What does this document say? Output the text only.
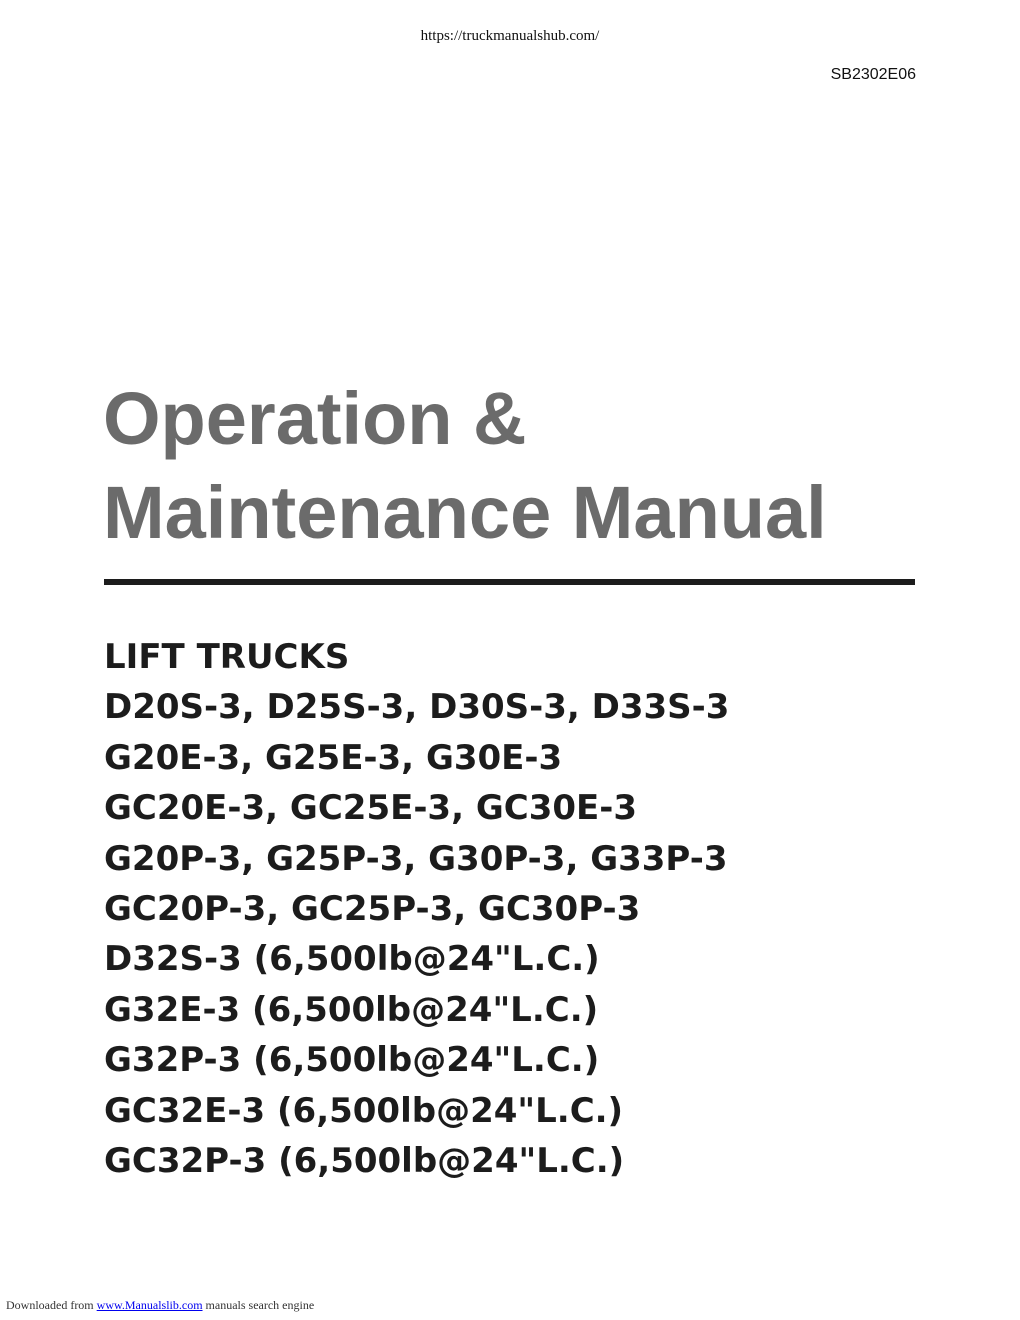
https://truckmanualshub.com/
SB2302E06
Operation &
Maintenance Manual
LIFT TRUCKS
D20S-3, D25S-3, D30S-3, D33S-3
G20E-3, G25E-3, G30E-3
GC20E-3, GC25E-3, GC30E-3
G20P-3, G25P-3, G30P-3, G33P-3
GC20P-3, GC25P-3, GC30P-3
D32S-3 (6,500lb@24"L.C.)
G32E-3 (6,500lb@24"L.C.)
G32P-3 (6,500lb@24"L.C.)
GC32E-3 (6,500lb@24"L.C.)
GC32P-3 (6,500lb@24"L.C.)
Downloaded from www.Manualslib.com manuals search engine
